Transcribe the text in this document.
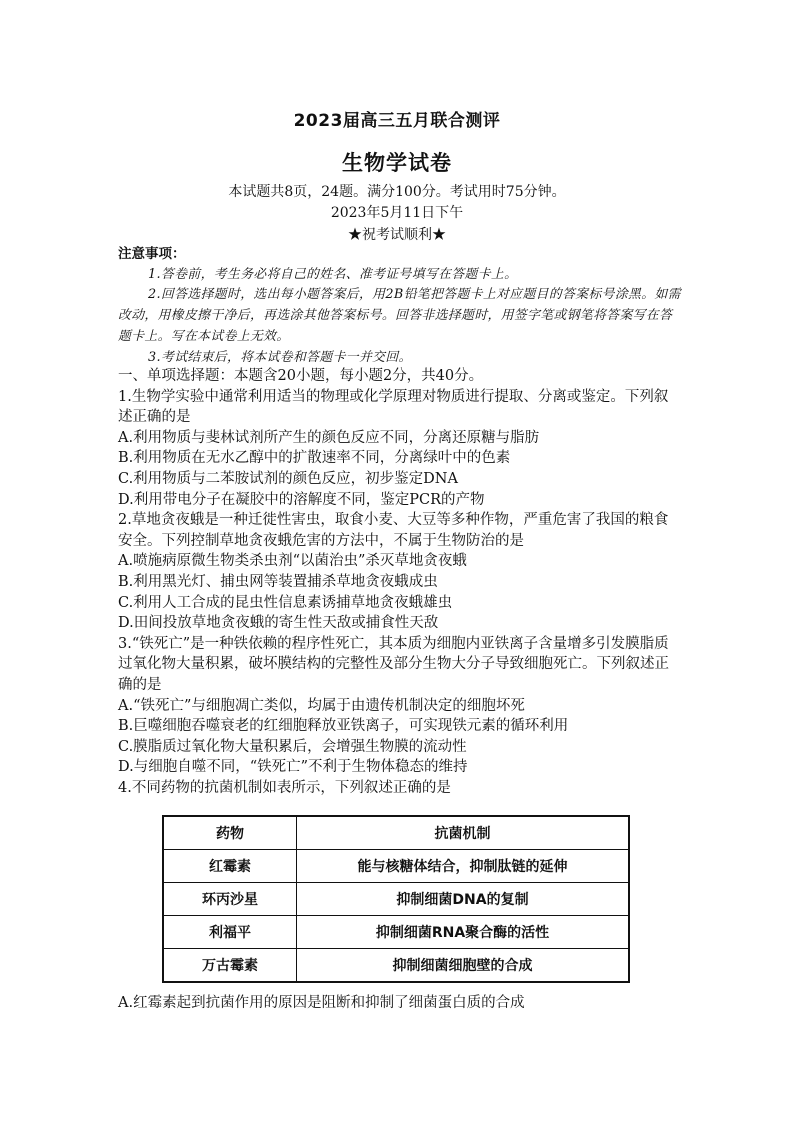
2023届高三五月联合测评
生物学试卷
本试题共8页，24题。满分100分。考试用时75分钟。
2023年5月11日下午
★祝考试顺利★
注意事项：
1.答卷前，考生务必将自己的姓名、准考证号填写在答题卡上。
2.回答选择题时，选出每小题答案后，用2B铅笔把答题卡上对应题目的答案标号涂黑。如需改动，用橡皮擦干净后，再选涂其他答案标号。回答非选择题时，用签字笔或钢笔将答案写在答题卡上。写在本试卷上无效。
3.考试结束后，将本试卷和答题卡一并交回。
一、单项选择题：本题含20小题，每小题2分，共40分。
1.生物学实验中通常利用适当的物理或化学原理对物质进行提取、分离或鉴定。下列叙
述正确的是
A.利用物质与斐林试剂所产生的颜色反应不同，分离还原糖与脂肪
B.利用物质在无水乙醇中的扩散速率不同，分离绿叶中的色素
C.利用物质与二苯胺试剂的颜色反应，初步鉴定DNA
D.利用带电分子在凝胶中的溶解度不同，鉴定PCR的产物
2.草地贪夜蛾是一种迁徙性害虫，取食小麦、大豆等多种作物，严重危害了我国的粮食
安全。下列控制草地贪夜蛾危害的方法中，不属于生物防治的是
A.喷施病原微生物类杀虫剂“以菌治虫”杀灭草地贪夜蛾
B.利用黑光灯、捕虫网等装置捕杀草地贪夜蛾成虫
C.利用人工合成的昆虫性信息素诱捕草地贪夜蛾雄虫
D.田间投放草地贪夜蛾的寄生性天敌或捕食性天敌
3.“铁死亡”是一种铁依赖的程序性死亡，其本质为细胞内亚铁离子含量增多引发膜脂质
过氧化物大量积累，破坏膜结构的完整性及部分生物大分子导致细胞死亡。下列叙述正
确的是
A.“铁死亡”与细胞凋亡类似，均属于由遗传机制决定的细胞坏死
B.巨噬细胞吞噬衰老的红细胞释放亚铁离子，可实现铁元素的循环利用
C.膜脂质过氧化物大量积累后，会增强生物膜的流动性
D.与细胞自噬不同，“铁死亡”不利于生物体稳态的维持
4.不同药物的抗菌机制如表所示，下列叙述正确的是
药物	抗菌机制
红霉素	能与核糖体结合，抑制肽链的延伸
环丙沙星	抑制细菌DNA的复制
利福平	抑制细菌RNA聚合酶的活性
万古霉素	抑制细菌细胞壁的合成
A.红霉素起到抗菌作用的原因是阻断和抑制了细菌蛋白质的合成
